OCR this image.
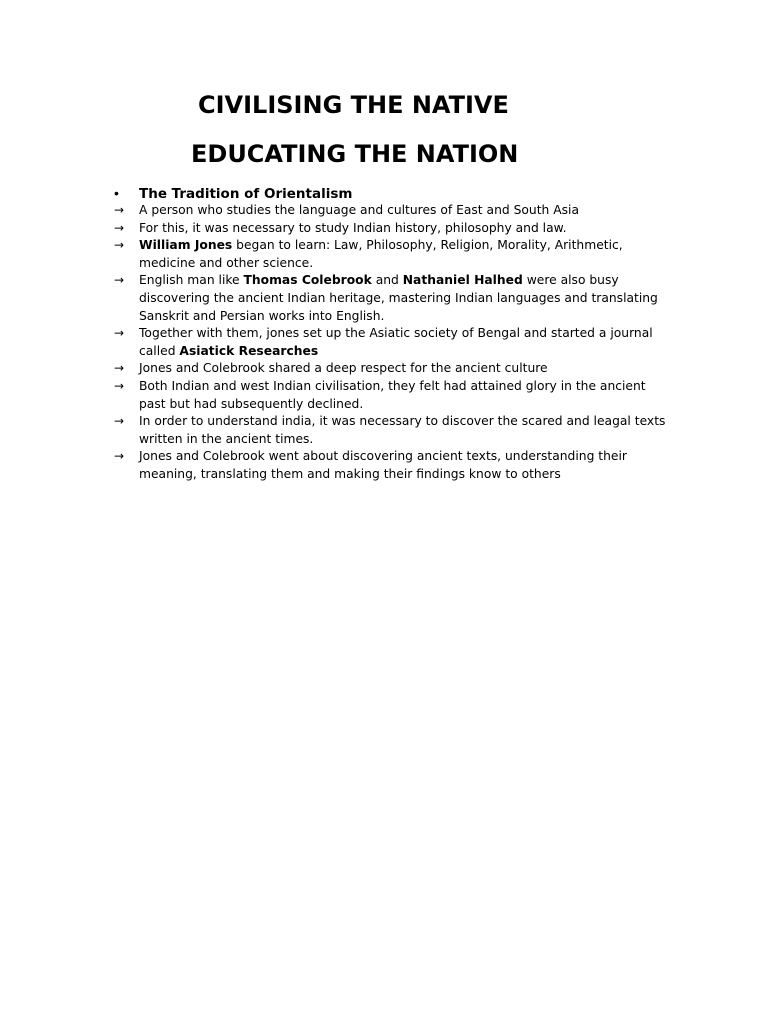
CIVILISING THE NATIVE
EDUCATING THE NATION
•	The Tradition of Orientalism
→	A person who studies the language and cultures of East and South Asia
→	For this, it was necessary to study Indian history, philosophy and law.
→	William Jones began to learn: Law, Philosophy, Religion, Morality, Arithmetic, medicine and other science.
→	English man like Thomas Colebrook and Nathaniel Halhed were also busy discovering the ancient Indian heritage, mastering Indian languages and translating Sanskrit and Persian works into English.
→	Together with them, jones set up the Asiatic society of Bengal and started a journal called Asiatick Researches
→	Jones and Colebrook shared a deep respect for the ancient culture
→	Both Indian and west Indian civilisation, they felt had attained glory in the ancient past but had subsequently declined.
→	In order to understand india, it was necessary to discover the scared and leagal texts written in the ancient times.
→	Jones and Colebrook went about discovering ancient texts, understanding their meaning, translating them and making their findings know to others
